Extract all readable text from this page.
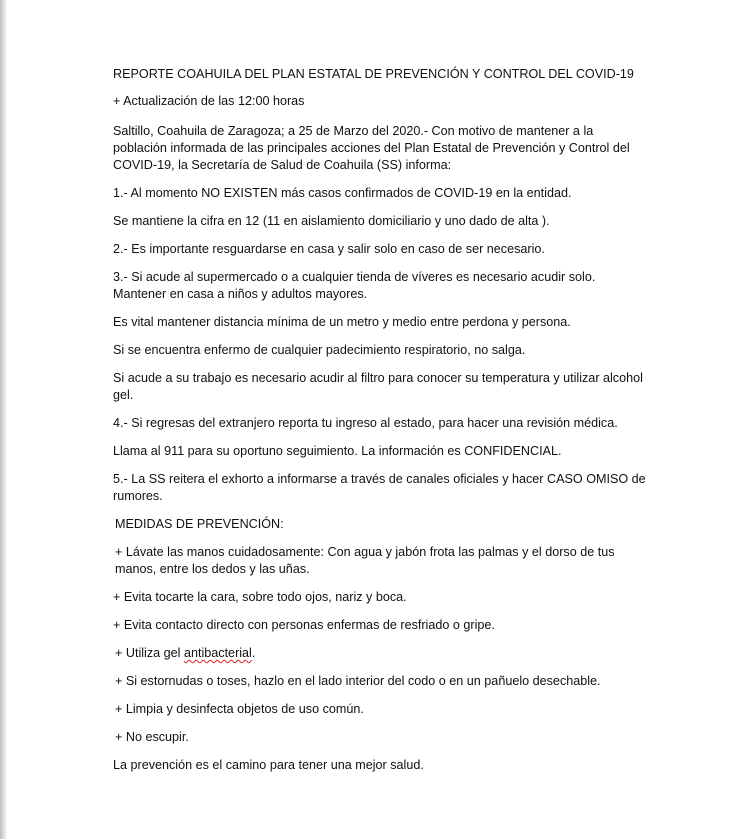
REPORTE COAHUILA DEL PLAN ESTATAL DE PREVENCIÓN Y CONTROL DEL COVID-19

+ Actualización de las 12:00 horas

Saltillo, Coahuila de Zaragoza; a 25 de Marzo del 2020.- Con motivo de mantener a la población informada de las principales acciones del Plan Estatal de Prevención y Control del COVID-19, la Secretaría de Salud de Coahuila (SS) informa:

1.- Al momento NO EXISTEN más casos confirmados de COVID-19 en la entidad.

Se mantiene la cifra en 12 (11 en aislamiento domiciliario y uno dado de alta ).

2.- Es importante resguardarse en casa y salir solo en caso de ser necesario.

3.- Si acude al supermercado o a cualquier tienda de víveres es necesario acudir solo. Mantener en casa a niños y adultos mayores.

Es vital mantener distancia mínima de un metro y medio entre perdona y persona.

Si se encuentra enfermo de cualquier padecimiento respiratorio, no salga.

Si acude a su trabajo es necesario acudir al filtro para conocer su temperatura y utilizar alcohol gel.

4.- Si regresas del extranjero reporta tu ingreso al estado, para hacer una revisión médica.

Llama al 911 para su oportuno seguimiento. La información es CONFIDENCIAL.

5.- La SS reitera el exhorto a informarse a través de canales oficiales y hacer CASO OMISO de rumores.

MEDIDAS DE PREVENCIÓN:

+ Lávate las manos cuidadosamente: Con agua y jabón frota las palmas y el dorso de tus manos, entre los dedos y las uñas.

+ Evita tocarte la cara, sobre todo ojos, nariz y boca.

+ Evita contacto directo con personas enfermas de resfriado o gripe.

+ Utiliza gel antibacterial.

+ Si estornudas o toses, hazlo en el lado interior del codo o en un pañuelo desechable.

+ Limpia y desinfecta objetos de uso común.

+ No escupir.

La prevención es el camino para tener una mejor salud.
